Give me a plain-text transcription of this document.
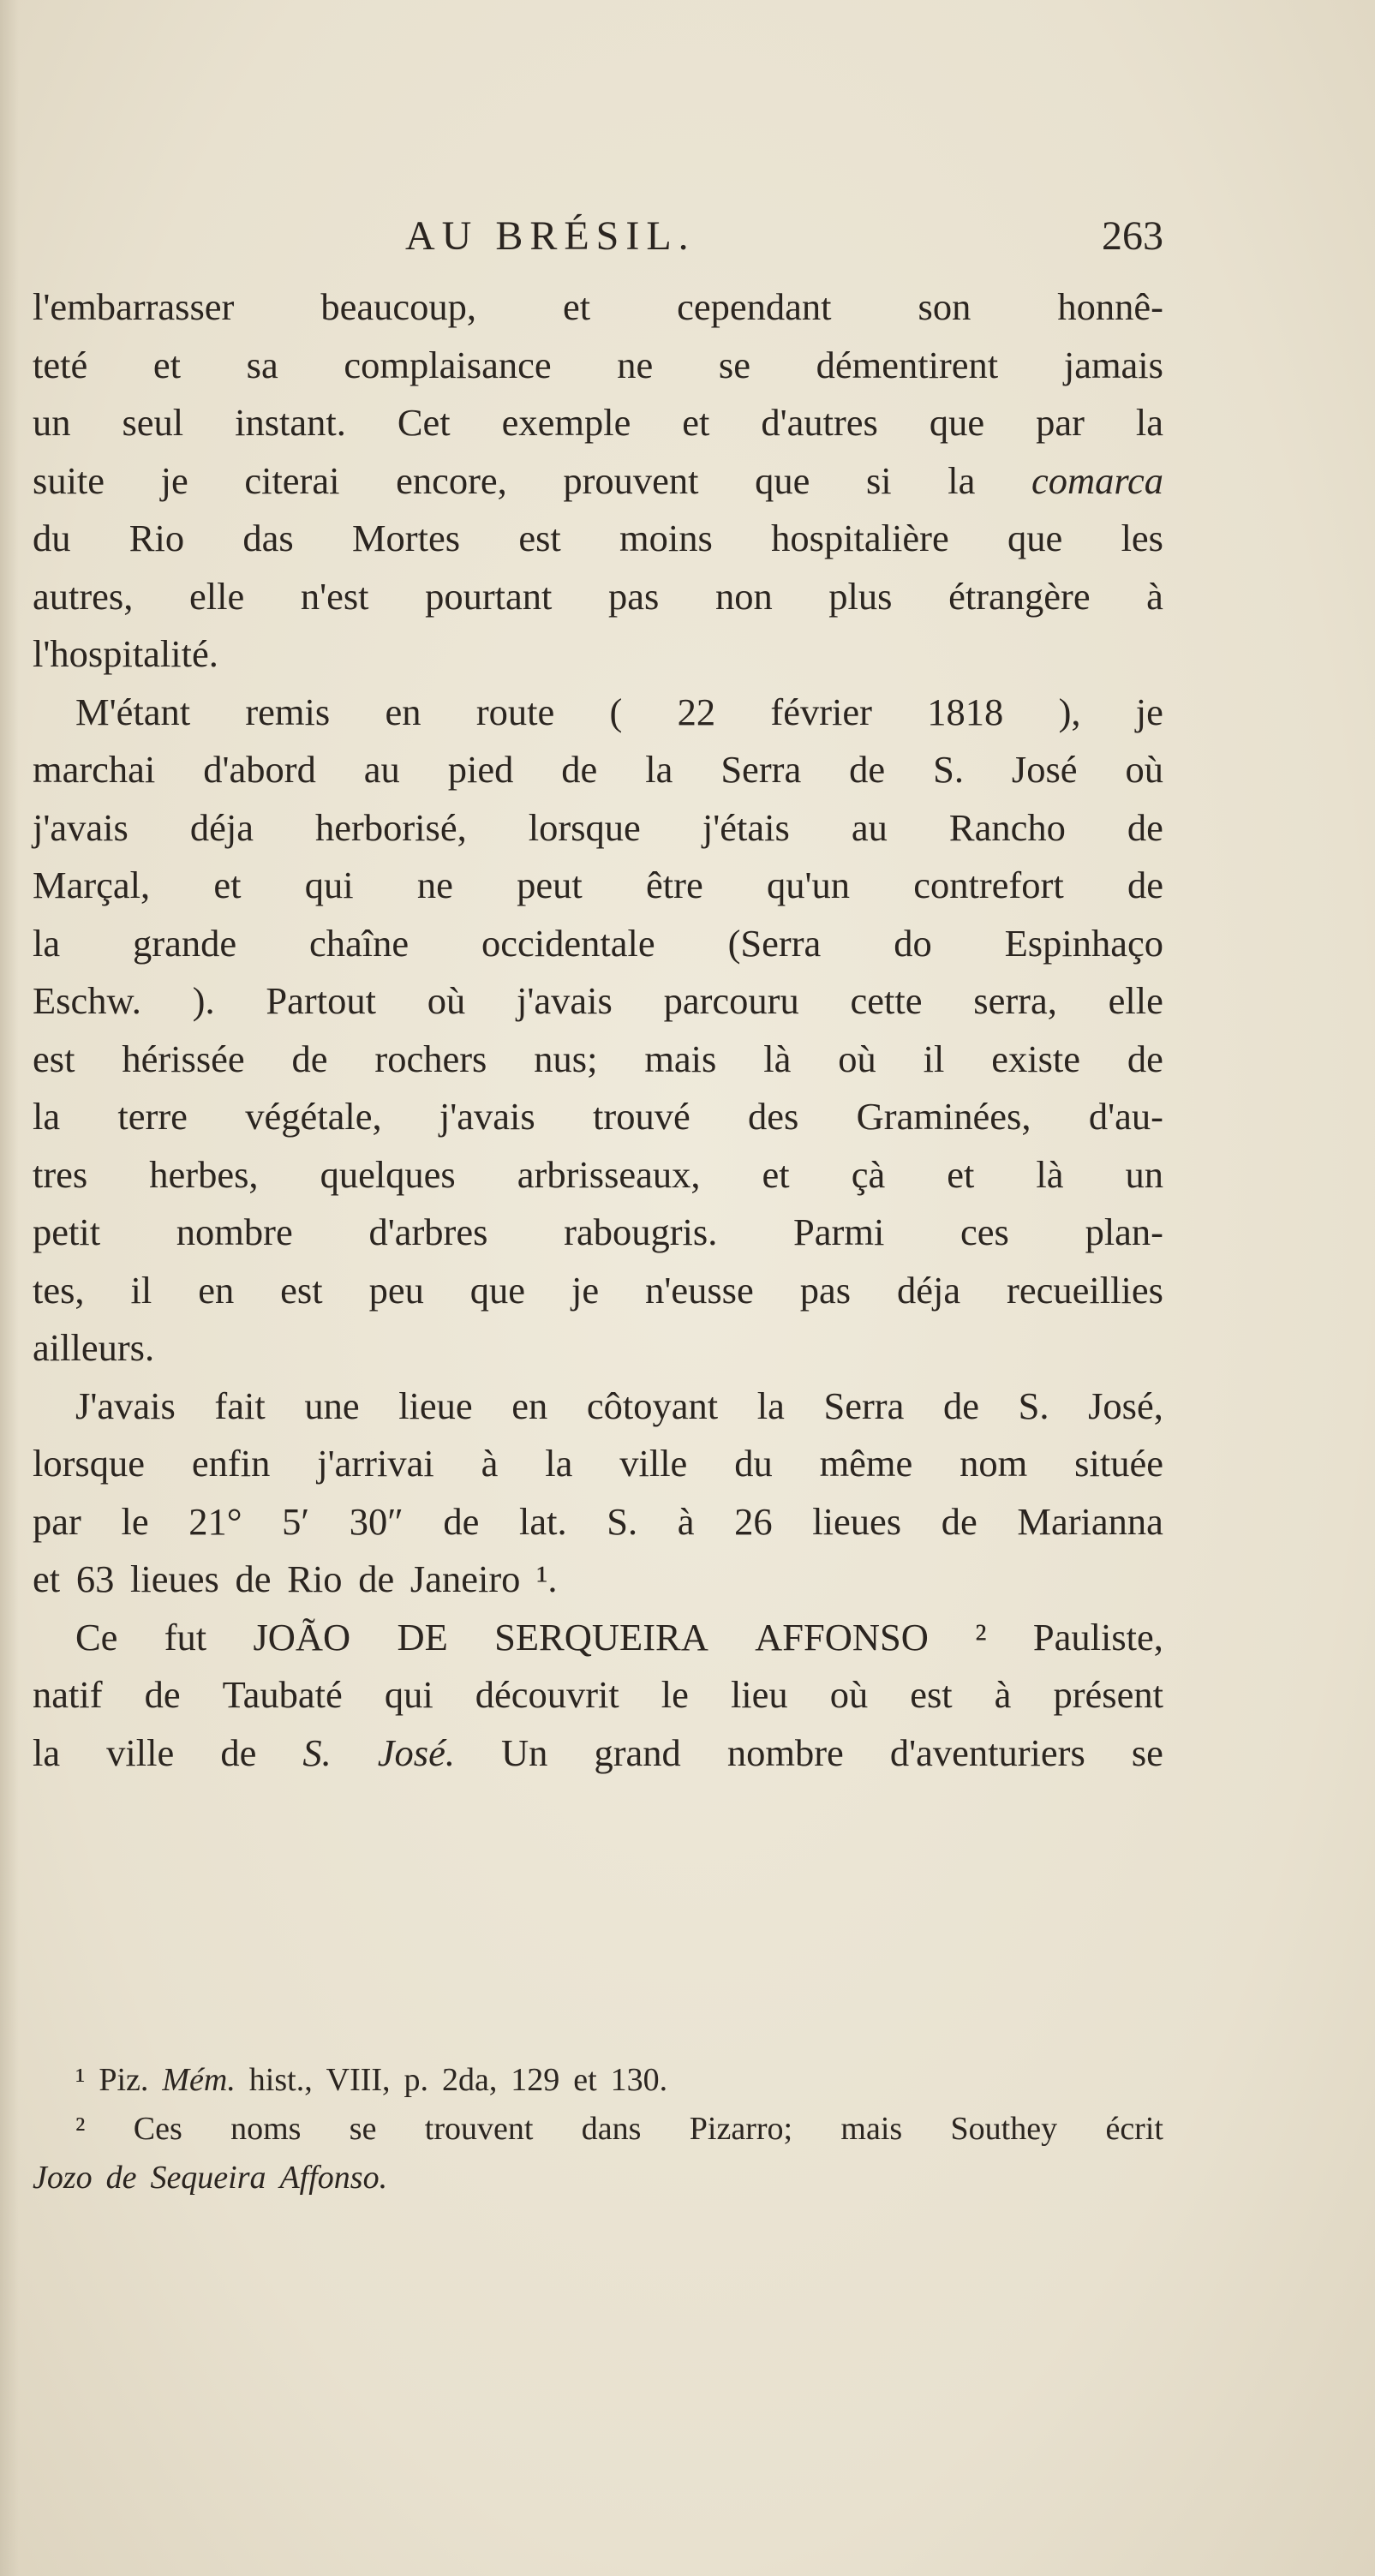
AU BRÉSIL.	263
l'embarrasser beaucoup, et cependant son honnê-
teté et sa complaisance ne se démentirent jamais
un seul instant. Cet exemple et d'autres que par la
suite je citerai encore, prouvent que si la comarca
du Rio das Mortes est moins hospitalière que les
autres, elle n'est pourtant pas non plus étrangère à
l'hospitalité.
M'étant remis en route ( 22 février 1818 ), je
marchai d'abord au pied de la Serra de S. José où
j'avais déja herborisé, lorsque j'étais au Rancho de
Marçal, et qui ne peut être qu'un contrefort de
la grande chaîne occidentale (Serra do Espinhaço
Eschw. ). Partout où j'avais parcouru cette serra, elle
est hérissée de rochers nus; mais là où il existe de
la terre végétale, j'avais trouvé des Graminées, d'au-
tres herbes, quelques arbrisseaux, et çà et là un
petit nombre d'arbres rabougris. Parmi ces plan-
tes, il en est peu que je n'eusse pas déja recueillies
ailleurs.
J'avais fait une lieue en côtoyant la Serra de S. José,
lorsque enfin j'arrivai à la ville du même nom située
par le 21° 5′ 30″ de lat. S. à 26 lieues de Marianna
et 63 lieues de Rio de Janeiro ¹.
Ce fut JOÃO DE SERQUEIRA AFFONSO ² Pauliste,
natif de Taubaté qui découvrit le lieu où est à présent
la ville de S. José. Un grand nombre d'aventuriers se
¹ Piz. Mém. hist., VIII, p. 2da, 129 et 130.
² Ces noms se trouvent dans Pizarro; mais Southey écrit
Jozo de Sequeira Affonso.
